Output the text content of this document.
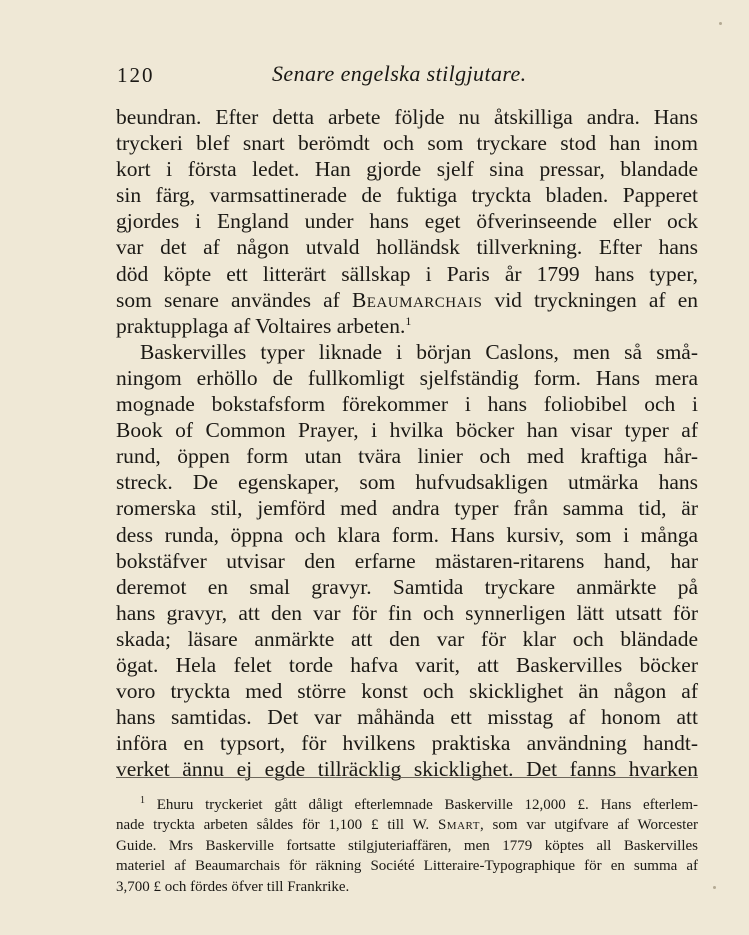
120	Senare engelska stilgjutare.
beundran. Efter detta arbete följde nu åtskilliga andra. Hans
tryckeri blef snart berömdt och som tryckare stod han inom
kort i första ledet. Han gjorde sjelf sina pressar, blandade
sin färg, varmsattinerade de fuktiga tryckta bladen. Papperet
gjordes i England under hans eget öfverinseende eller ock
var det af någon utvald holländsk tillverkning. Efter hans
död köpte ett litterärt sällskap i Paris år 1799 hans typer,
som senare användes af Beaumarchais vid tryckningen af en
praktupplaga af Voltaires arbeten.$^1$
Baskervilles typer liknade i början Caslons, men så små-
ningom erhöllo de fullkomligt sjelfständig form. Hans mera
mognade bokstafsform förekommer i hans foliobibel och i
Book of Common Prayer, i hvilka böcker han visar typer af
rund, öppen form utan tvära linier och med kraftiga hår-
streck. De egenskaper, som hufvudsakligen utmärka hans
romerska stil, jemförd med andra typer från samma tid, är
dess runda, öppna och klara form. Hans kursiv, som i många
bokstäfver utvisar den erfarne mästaren-ritarens hand, har
deremot en smal gravyr. Samtida tryckare anmärkte på
hans gravyr, att den var för fin och synnerligen lätt utsatt för
skada; läsare anmärkte att den var för klar och bländade
ögat. Hela felet torde hafva varit, att Baskervilles böcker
voro tryckta med större konst och skicklighet än någon af
hans samtidas. Det var måhända ett misstag af honom att
införa en typsort, för hvilkens praktiska användning handt-
verket ännu ej egde tillräcklig skicklighet. Det fanns hvarken
$^1$ Ehuru tryckeriet gått dåligt efterlemnade Baskerville 12,000 £. Hans efterlem-
nade tryckta arbeten såldes för 1,100 £ till W. Smart, som var utgifvare af Worcester
Guide. Mrs Baskerville fortsatte stilgjuteriaffären, men 1779 köptes all Baskervilles
materiel af Beaumarchais för räkning Société Litteraire-Typographique för en summa af
3,700 £ och fördes öfver till Frankrike.
